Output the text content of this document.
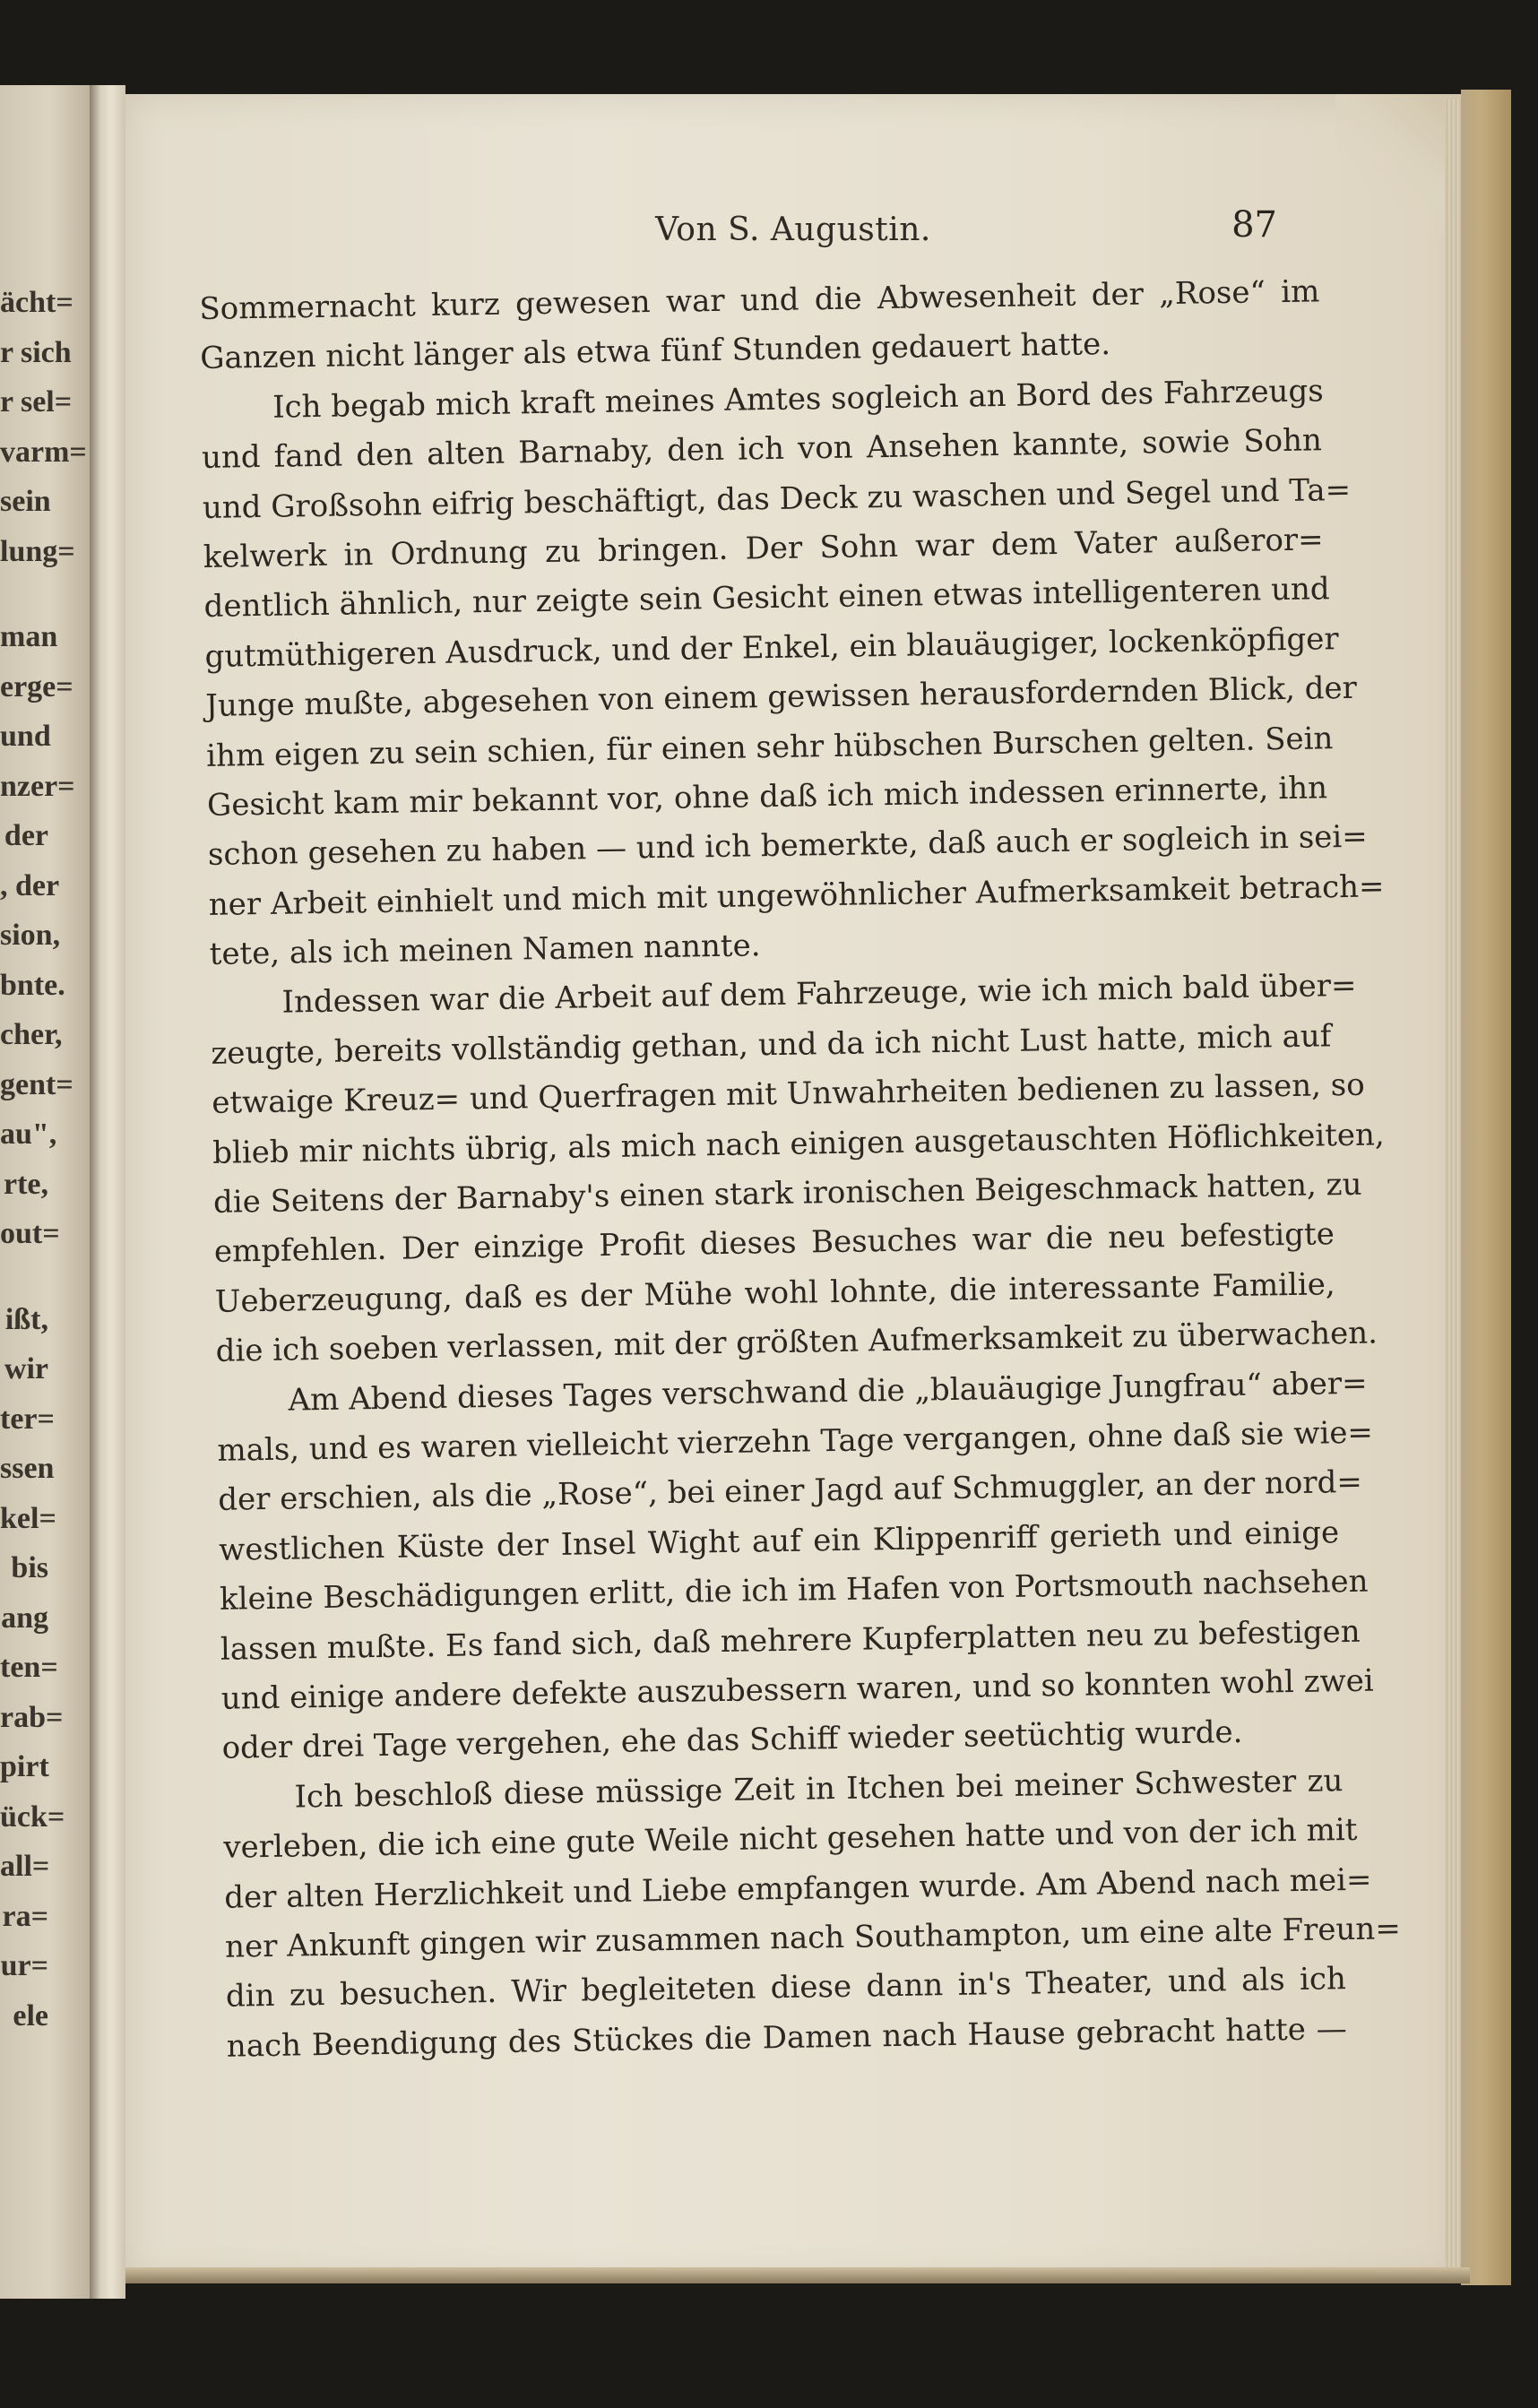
ächt=
r sich
r sel=
varm=
sein
lung=
man
erge=
und
nzer=
der
, der
sion,
bnte.
cher,
gent=
au",
rte,
out=
ißt,
wir
ter=
ssen
kel=
bis
ang
ten=
rab=
pirt
ück=
all=
ra=
ur=
ele
Von S. Augustin.	87
Sommernacht kurz gewesen war und die Abwesenheit der „Rose“ im
Ganzen nicht länger als etwa fünf Stunden gedauert hatte.
Ich begab mich kraft meines Amtes sogleich an Bord des Fahrzeugs
und fand den alten Barnaby, den ich von Ansehen kannte, sowie Sohn
und Großsohn eifrig beschäftigt, das Deck zu waschen und Segel und Ta=
kelwerk in Ordnung zu bringen. Der Sohn war dem Vater außeror=
dentlich ähnlich, nur zeigte sein Gesicht einen etwas intelligenteren und
gutmüthigeren Ausdruck, und der Enkel, ein blauäugiger, lockenköpfiger
Junge mußte, abgesehen von einem gewissen herausfordernden Blick, der
ihm eigen zu sein schien, für einen sehr hübschen Burschen gelten. Sein
Gesicht kam mir bekannt vor, ohne daß ich mich indessen erinnerte, ihn
schon gesehen zu haben — und ich bemerkte, daß auch er sogleich in sei=
ner Arbeit einhielt und mich mit ungewöhnlicher Aufmerksamkeit betrach=
tete, als ich meinen Namen nannte.
Indessen war die Arbeit auf dem Fahrzeuge, wie ich mich bald über=
zeugte, bereits vollständig gethan, und da ich nicht Lust hatte, mich auf
etwaige Kreuz= und Querfragen mit Unwahrheiten bedienen zu lassen, so
blieb mir nichts übrig, als mich nach einigen ausgetauschten Höflichkeiten,
die Seitens der Barnaby's einen stark ironischen Beigeschmack hatten, zu
empfehlen. Der einzige Profit dieses Besuches war die neu befestigte
Ueberzeugung, daß es der Mühe wohl lohnte, die interessante Familie,
die ich soeben verlassen, mit der größten Aufmerksamkeit zu überwachen.
Am Abend dieses Tages verschwand die „blauäugige Jungfrau“ aber=
mals, und es waren vielleicht vierzehn Tage vergangen, ohne daß sie wie=
der erschien, als die „Rose“, bei einer Jagd auf Schmuggler, an der nord=
westlichen Küste der Insel Wight auf ein Klippenriff gerieth und einige
kleine Beschädigungen erlitt, die ich im Hafen von Portsmouth nachsehen
lassen mußte. Es fand sich, daß mehrere Kupferplatten neu zu befestigen
und einige andere defekte auszubessern waren, und so konnten wohl zwei
oder drei Tage vergehen, ehe das Schiff wieder seetüchtig wurde.
Ich beschloß diese müssige Zeit in Itchen bei meiner Schwester zu
verleben, die ich eine gute Weile nicht gesehen hatte und von der ich mit
der alten Herzlichkeit und Liebe empfangen wurde. Am Abend nach mei=
ner Ankunft gingen wir zusammen nach Southampton, um eine alte Freun=
din zu besuchen. Wir begleiteten diese dann in's Theater, und als ich
nach Beendigung des Stückes die Damen nach Hause gebracht hatte —
